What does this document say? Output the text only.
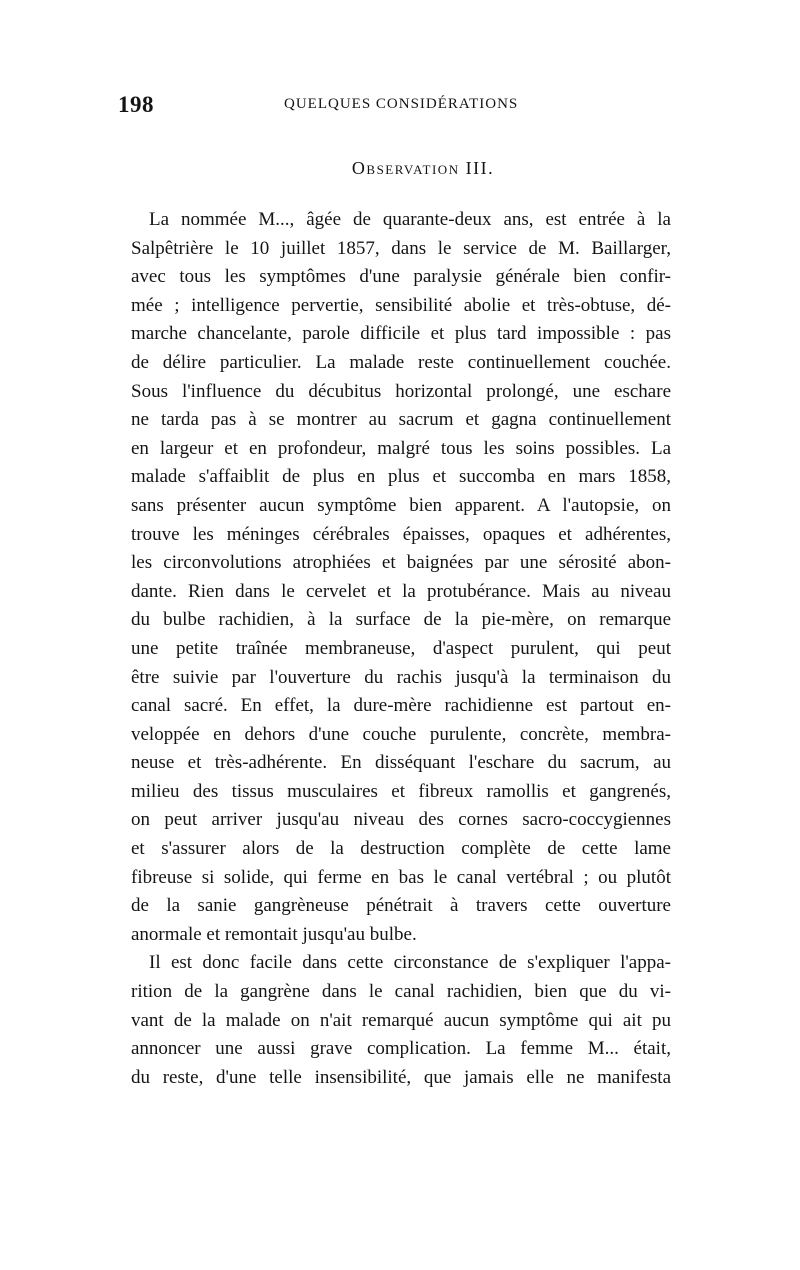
198	QUELQUES CONSIDÉRATIONS
Observation III.
La nommée M..., âgée de quarante-deux ans, est entrée à la
Salpêtrière le 10 juillet 1857, dans le service de M. Baillarger,
avec tous les symptômes d'une paralysie générale bien confir-
mée ; intelligence pervertie, sensibilité abolie et très-obtuse, dé-
marche chancelante, parole difficile et plus tard impossible : pas
de délire particulier. La malade reste continuellement couchée.
Sous l'influence du décubitus horizontal prolongé, une eschare
ne tarda pas à se montrer au sacrum et gagna continuellement
en largeur et en profondeur, malgré tous les soins possibles. La
malade s'affaiblit de plus en plus et succomba en mars 1858,
sans présenter aucun symptôme bien apparent. A l'autopsie, on
trouve les méninges cérébrales épaisses, opaques et adhérentes,
les circonvolutions atrophiées et baignées par une sérosité abon-
dante. Rien dans le cervelet et la protubérance. Mais au niveau
du bulbe rachidien, à la surface de la pie-mère, on remarque
une petite traînée membraneuse, d'aspect purulent, qui peut
être suivie par l'ouverture du rachis jusqu'à la terminaison du
canal sacré. En effet, la dure-mère rachidienne est partout en-
veloppée en dehors d'une couche purulente, concrète, membra-
neuse et très-adhérente. En disséquant l'eschare du sacrum, au
milieu des tissus musculaires et fibreux ramollis et gangrenés,
on peut arriver jusqu'au niveau des cornes sacro-coccygiennes
et s'assurer alors de la destruction complète de cette lame
fibreuse si solide, qui ferme en bas le canal vertébral ; ou plutôt
de la sanie gangrèneuse pénétrait à travers cette ouverture
anormale et remontait jusqu'au bulbe.
Il est donc facile dans cette circonstance de s'expliquer l'appa-
rition de la gangrène dans le canal rachidien, bien que du vi-
vant de la malade on n'ait remarqué aucun symptôme qui ait pu
annoncer une aussi grave complication. La femme M... était,
du reste, d'une telle insensibilité, que jamais elle ne manifesta
